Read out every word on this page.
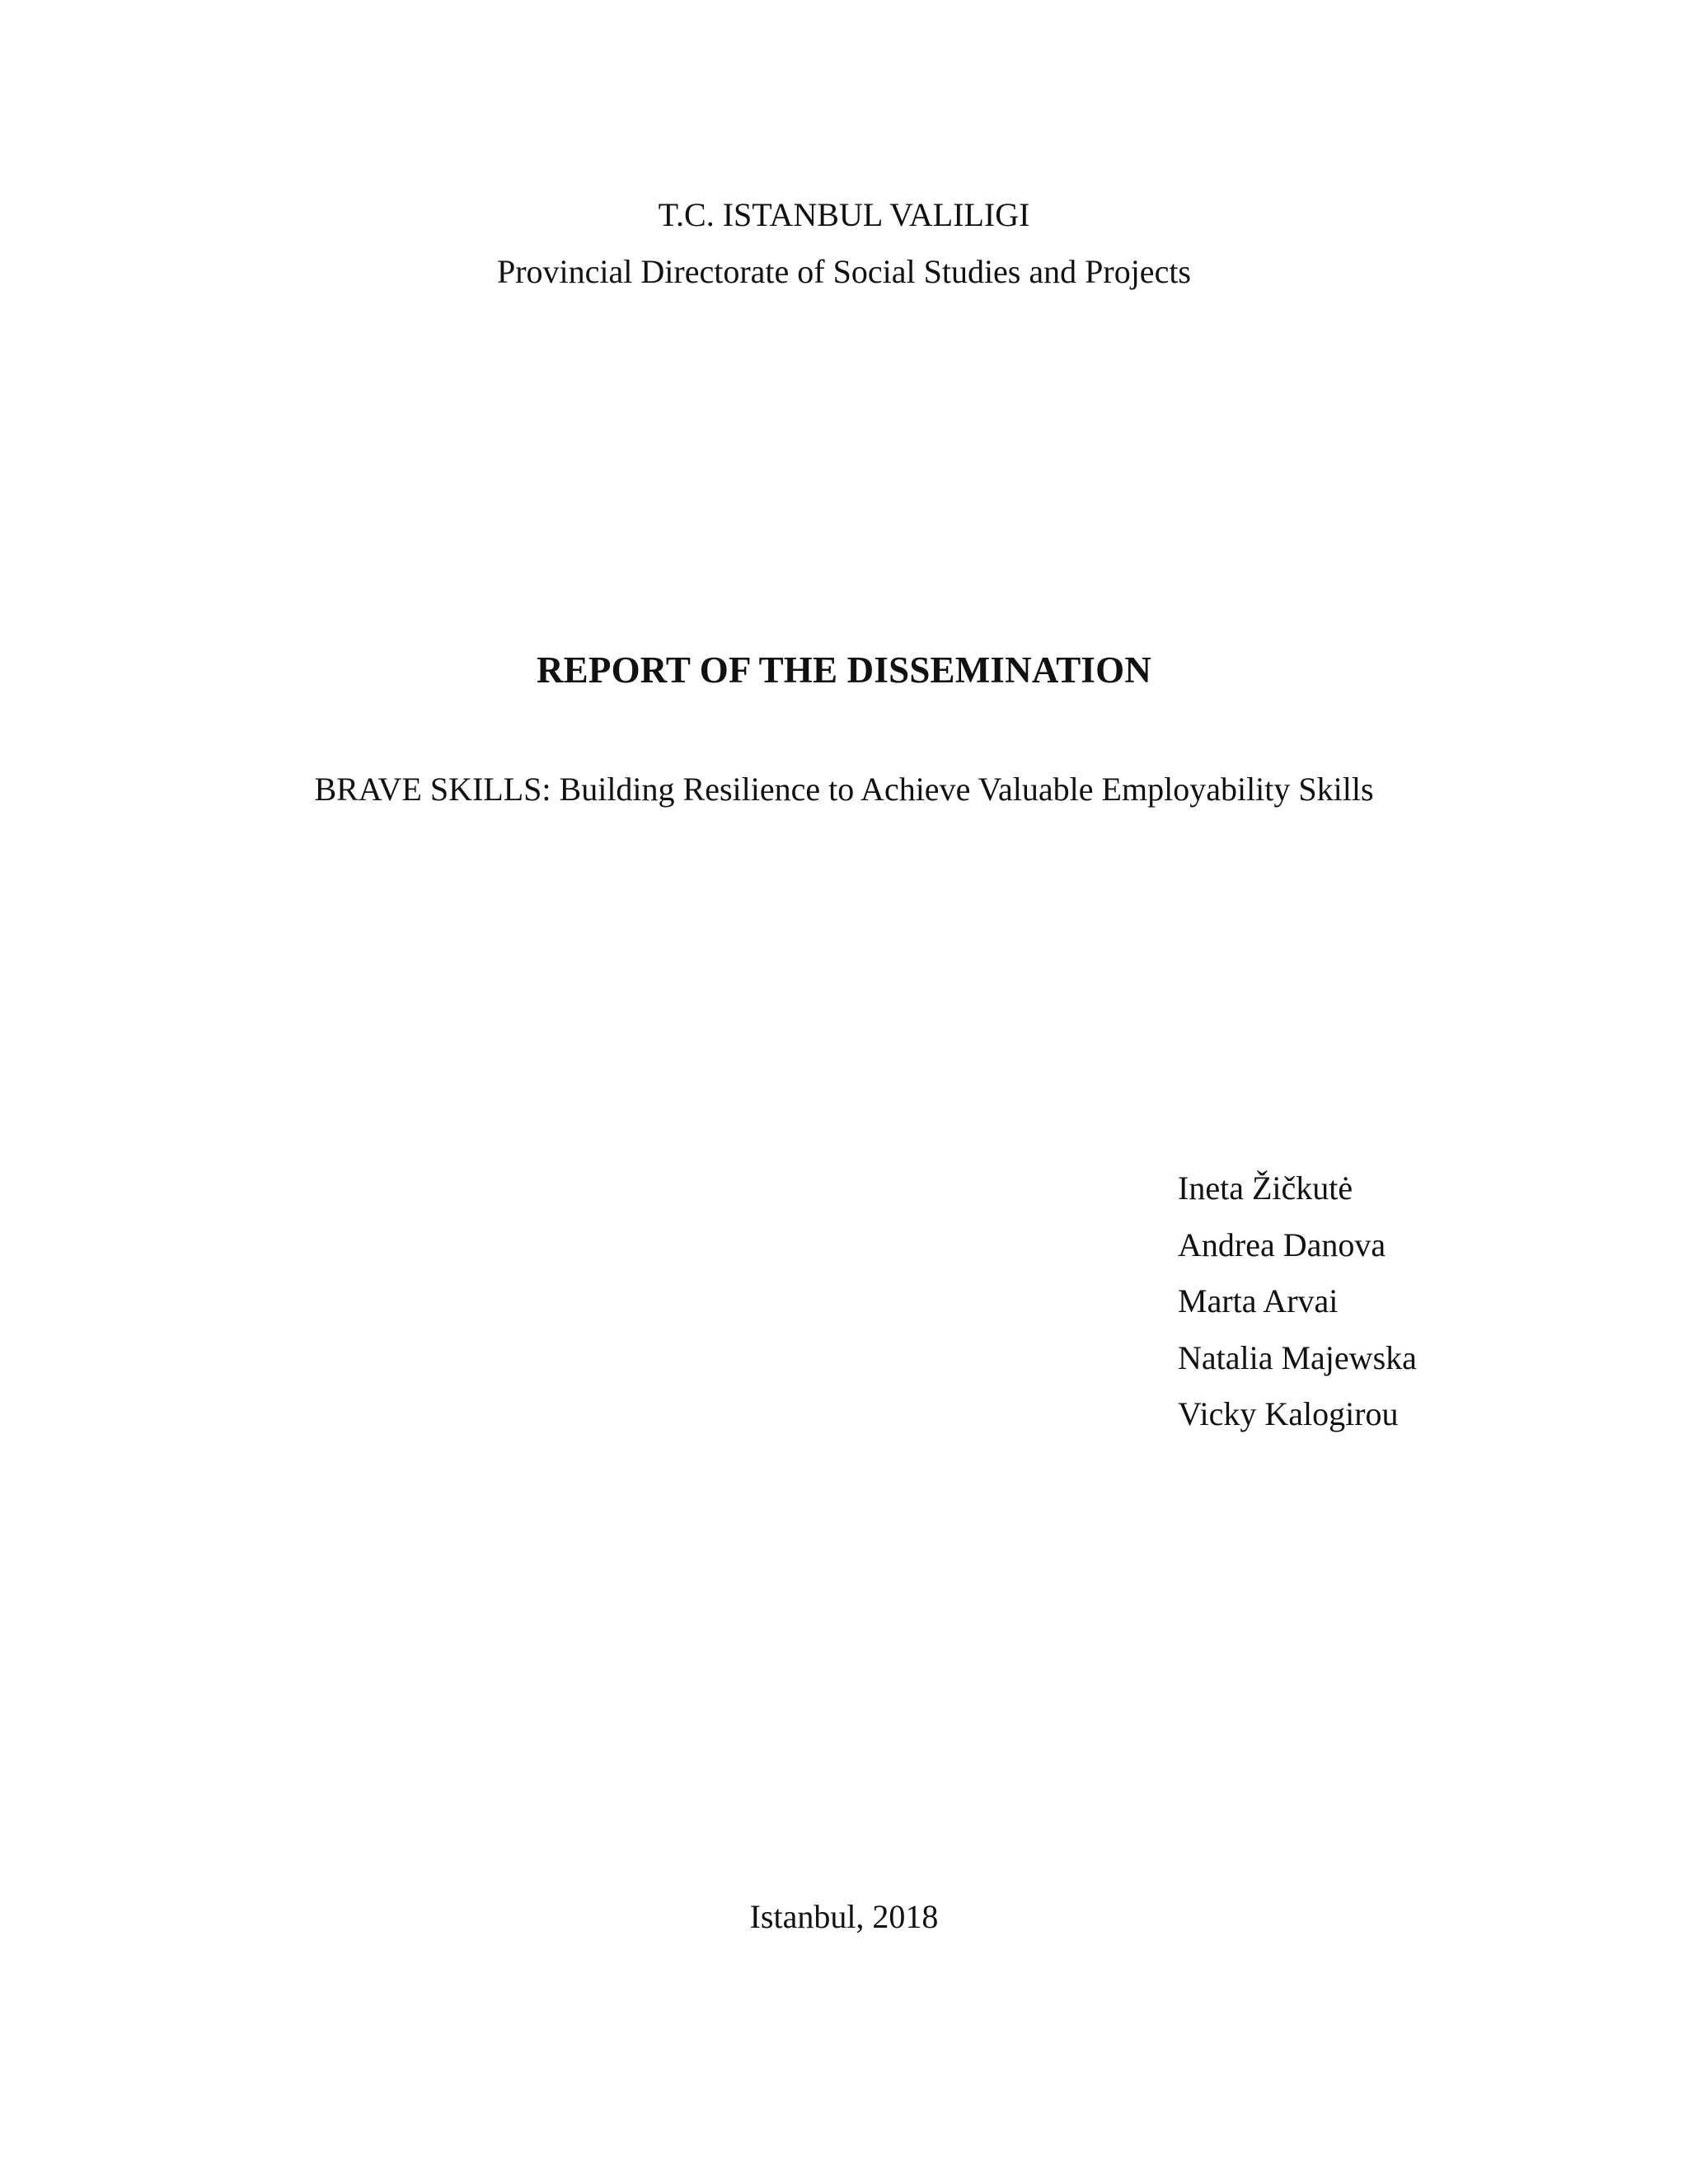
T.C. ISTANBUL VALILIGI
Provincial Directorate of Social Studies and Projects
REPORT OF THE DISSEMINATION
BRAVE SKILLS: Building Resilience to Achieve Valuable Employability Skills
Ineta Žičkutė
Andrea Danova
Marta Arvai
Natalia Majewska
Vicky Kalogirou
Istanbul, 2018
